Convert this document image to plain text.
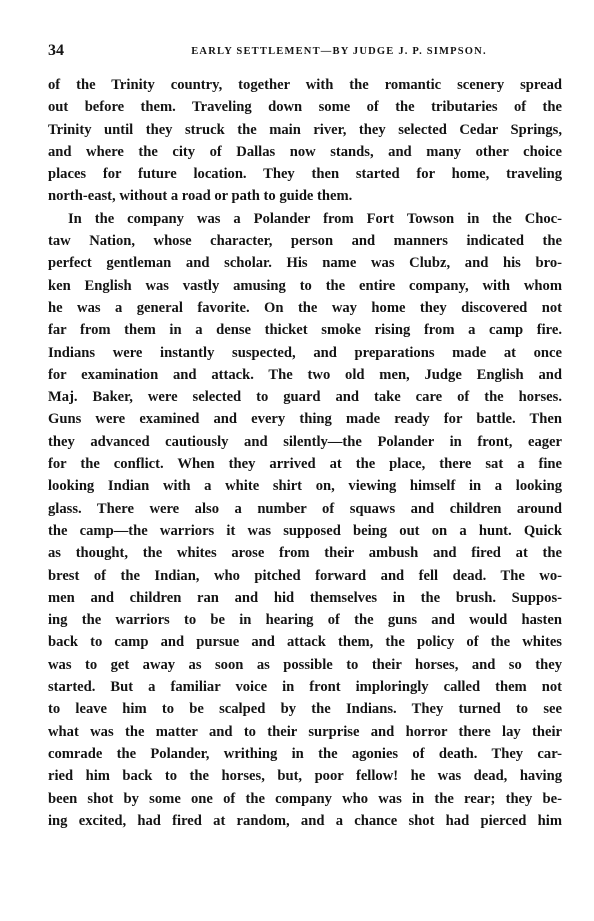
34	EARLY SETTLEMENT—BY JUDGE J. P. SIMPSON.
of the Trinity country, together with the romantic scenery spread
out before them. Traveling down some of the tributaries of the
Trinity until they struck the main river, they selected Cedar Springs,
and where the city of Dallas now stands, and many other choice
places for future location. They then started for home, traveling
north-east, without a road or path to guide them.
In the company was a Polander from Fort Towson in the Choc-
taw Nation, whose character, person and manners indicated the
perfect gentleman and scholar. His name was Clubz, and his bro-
ken English was vastly amusing to the entire company, with whom
he was a general favorite. On the way home they discovered not
far from them in a dense thicket smoke rising from a camp fire.
Indians were instantly suspected, and preparations made at once
for examination and attack. The two old men, Judge English and
Maj. Baker, were selected to guard and take care of the horses.
Guns were examined and every thing made ready for battle. Then
they advanced cautiously and silently—the Polander in front, eager
for the conflict. When they arrived at the place, there sat a fine
looking Indian with a white shirt on, viewing himself in a looking
glass. There were also a number of squaws and children around
the camp—the warriors it was supposed being out on a hunt. Quick
as thought, the whites arose from their ambush and fired at the
brest of the Indian, who pitched forward and fell dead. The wo-
men and children ran and hid themselves in the brush. Suppos-
ing the warriors to be in hearing of the guns and would hasten
back to camp and pursue and attack them, the policy of the whites
was to get away as soon as possible to their horses, and so they
started. But a familiar voice in front imploringly called them not
to leave him to be scalped by the Indians. They turned to see
what was the matter and to their surprise and horror there lay their
comrade the Polander, writhing in the agonies of death. They car-
ried him back to the horses, but, poor fellow! he was dead, having
been shot by some one of the company who was in the rear; they be-
ing excited, had fired at random, and a chance shot had pierced him
